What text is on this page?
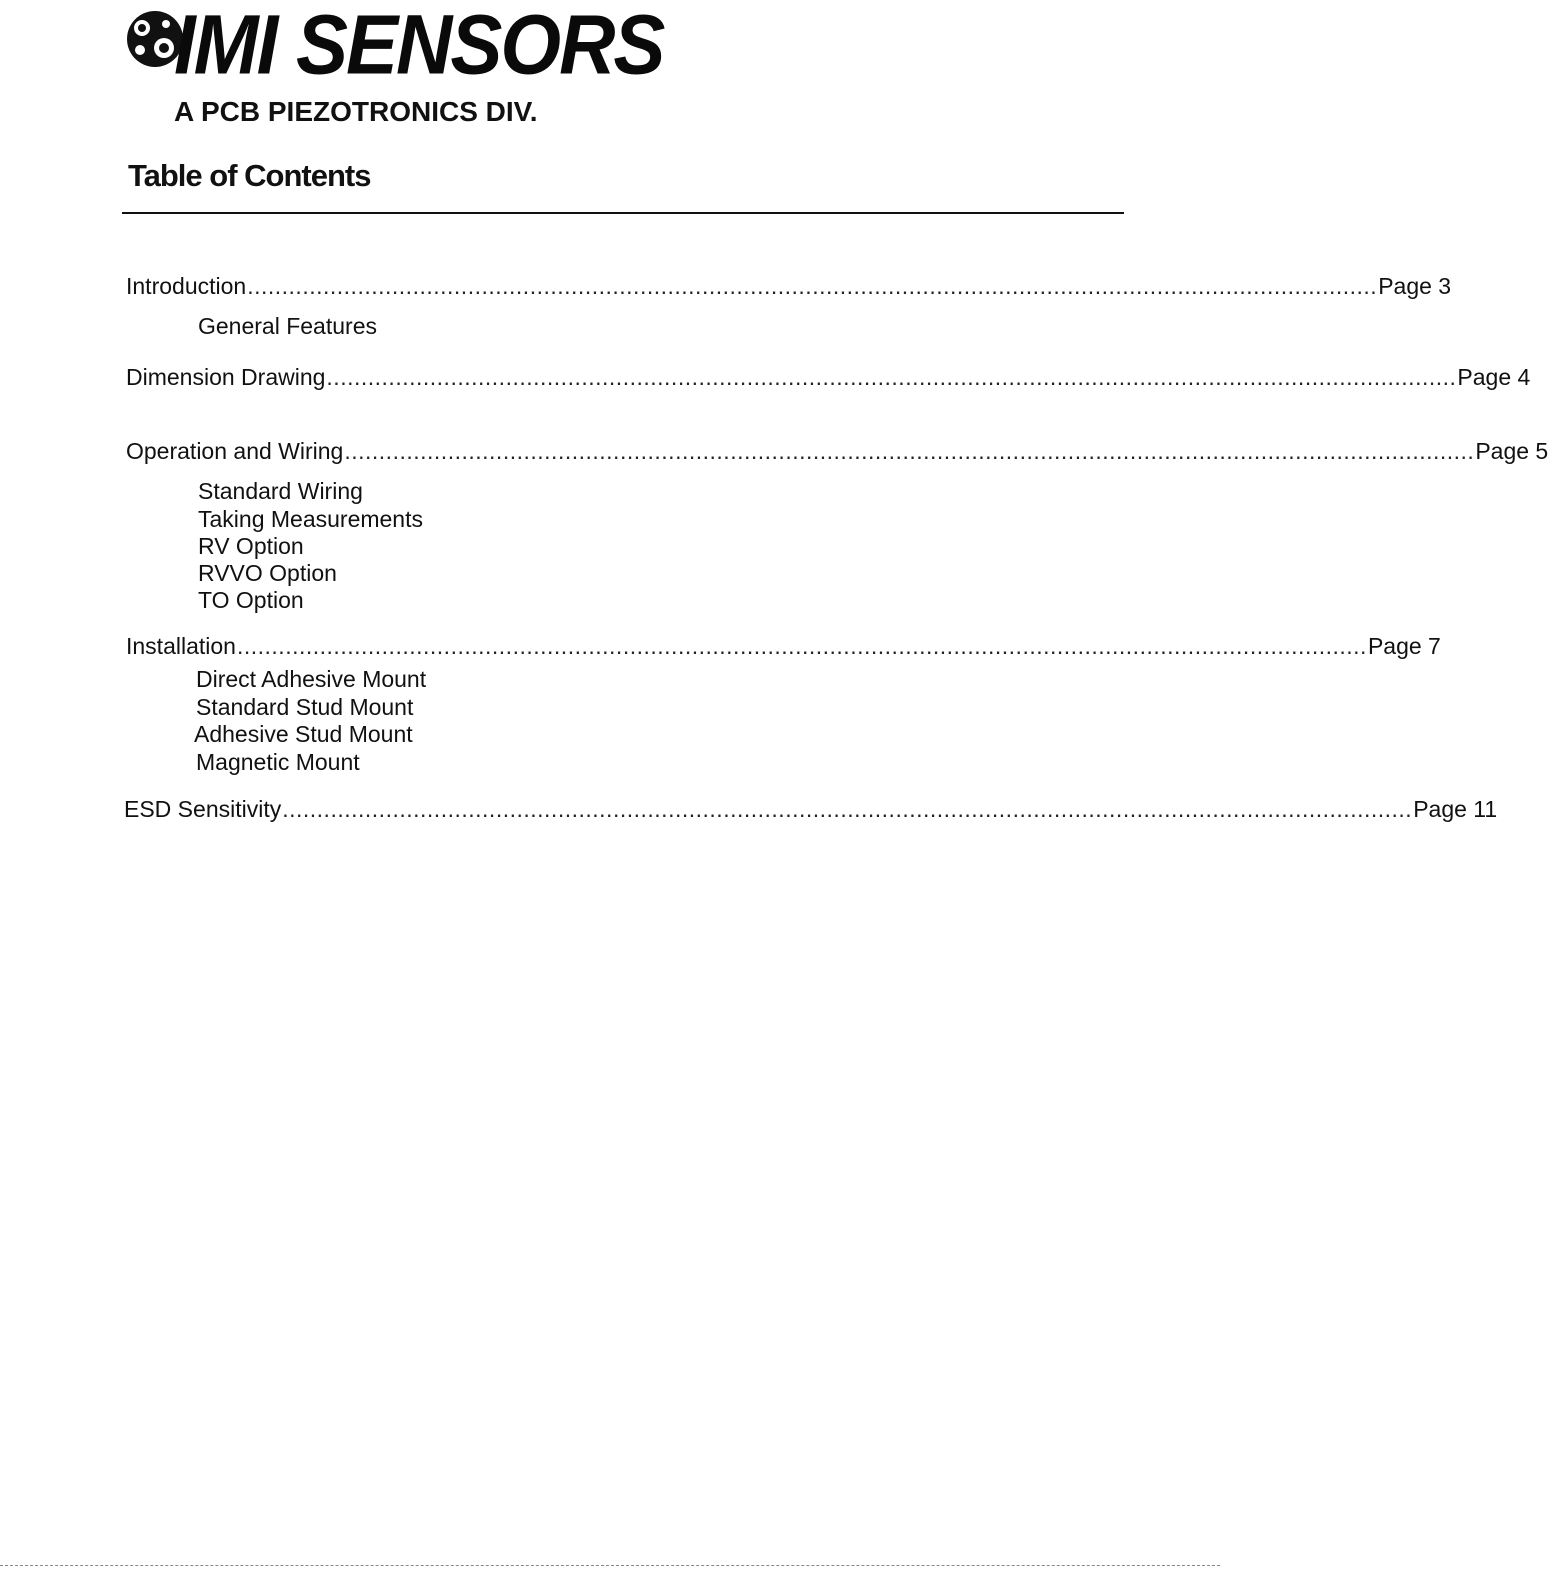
IMI SENSORS
A PCB PIEZOTRONICS DIV.
Table of Contents
Introduction .................................................................................................................................................................... Page 3
General Features
Dimension Drawing .................................................................................................................................................................... Page 4
Operation and Wiring .................................................................................................................................................................... Page 5
Standard Wiring
Taking Measurements
RV Option
RVVO Option
TO Option
Installation .................................................................................................................................................................... Page 7
Direct Adhesive Mount
Standard Stud Mount
Adhesive Stud Mount
Magnetic Mount
ESD Sensitivity .................................................................................................................................................................... Page 11
